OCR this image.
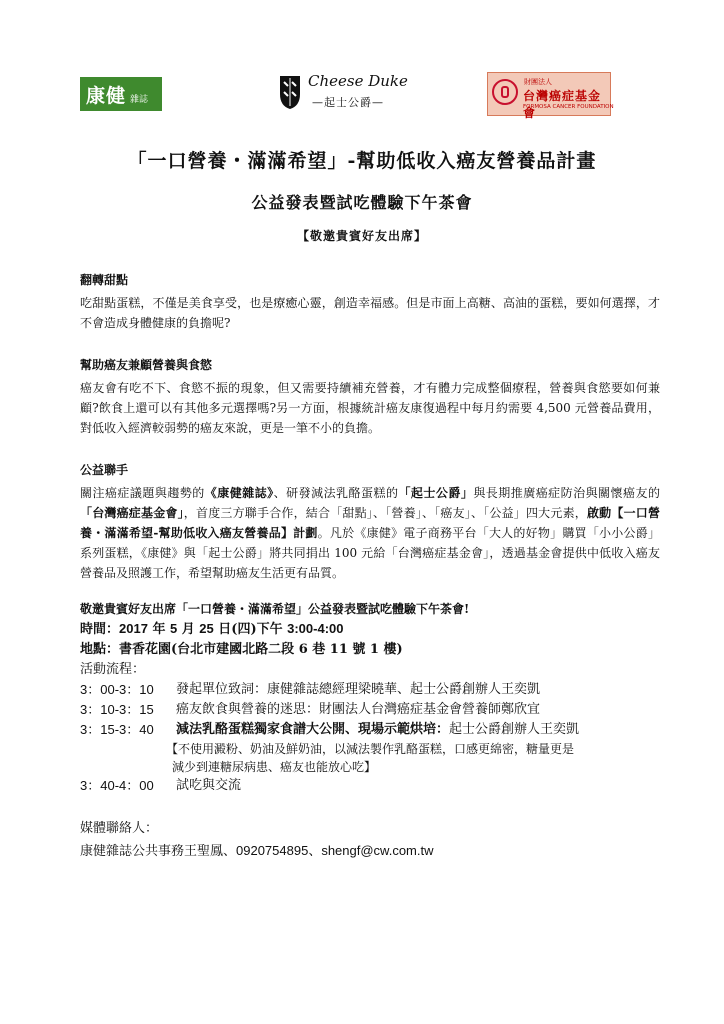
康健 雜誌
Cheese Duke
—起士公爵—
財團法人
台灣癌症基金會
FORMOSA CANCER FOUNDATION
「一口營養・滿滿希望」-幫助低收入癌友營養品計畫
公益發表暨試吃體驗下午茶會
【敬邀貴賓好友出席】
翻轉甜點

吃甜點蛋糕，不僅是美食享受，也是療癒心靈，創造幸福感。但是市面上高糖、高油的蛋糕，要如何選擇，才不會造成身體健康的負擔呢?

幫助癌友兼顧營養與食慾

癌友會有吃不下、食慾不振的現象，但又需要持續補充營養，才有體力完成整個療程，營養與食慾要如何兼顧?飲食上還可以有其他多元選擇嗎?另一方面，根據統計癌友康復過程中每月約需要 4,500 元營養品費用，對低收入經濟較弱勢的癌友來說，更是一筆不小的負擔。

公益聯手

關注癌症議題與趨勢的《康健雜誌》、研發減法乳酪蛋糕的「起士公爵」與長期推廣癌症防治與關懷癌友的「台灣癌症基金會」，首度三方聯手合作，結合「甜點」、「營養」、「癌友」、「公益」四大元素，啟動【一口營養・滿滿希望-幫助低收入癌友營養品】計劃。凡於《康健》電子商務平台「大人的好物」購買「小小公爵」系列蛋糕，《康健》與「起士公爵」將共同捐出 100 元給「台灣癌症基金會」，透過基金會提供中低收入癌友營養品及照護工作，希望幫助癌友生活更有品質。

敬邀貴賓好友出席「一口營養・滿滿希望」公益發表暨試吃體驗下午茶會!
時間：2017 年 5 月 25 日(四)下午 3:00-4:00
地點：書香花園(台北市建國北路二段 6 巷 11 號 1 樓)
活動流程：
3：00-3：10	發起單位致詞：康健雜誌總經理梁曉華、起士公爵創辦人王奕凱
3：10-3：15	癌友飲食與營養的迷思：財團法人台灣癌症基金會營養師鄭欣宜
3：15-3：40	減法乳酪蛋糕獨家食譜大公開、現場示範烘培：起士公爵創辦人王奕凱
【不使用澱粉、奶油及鮮奶油，以減法製作乳酪蛋糕，口感更綿密，糖量更是
減少到連糖尿病患、癌友也能放心吃】
3：40-4：00	試吃與交流
媒體聯絡人：
康健雜誌公共事務王聖鳳、0920754895、shengf@cw.com.tw
